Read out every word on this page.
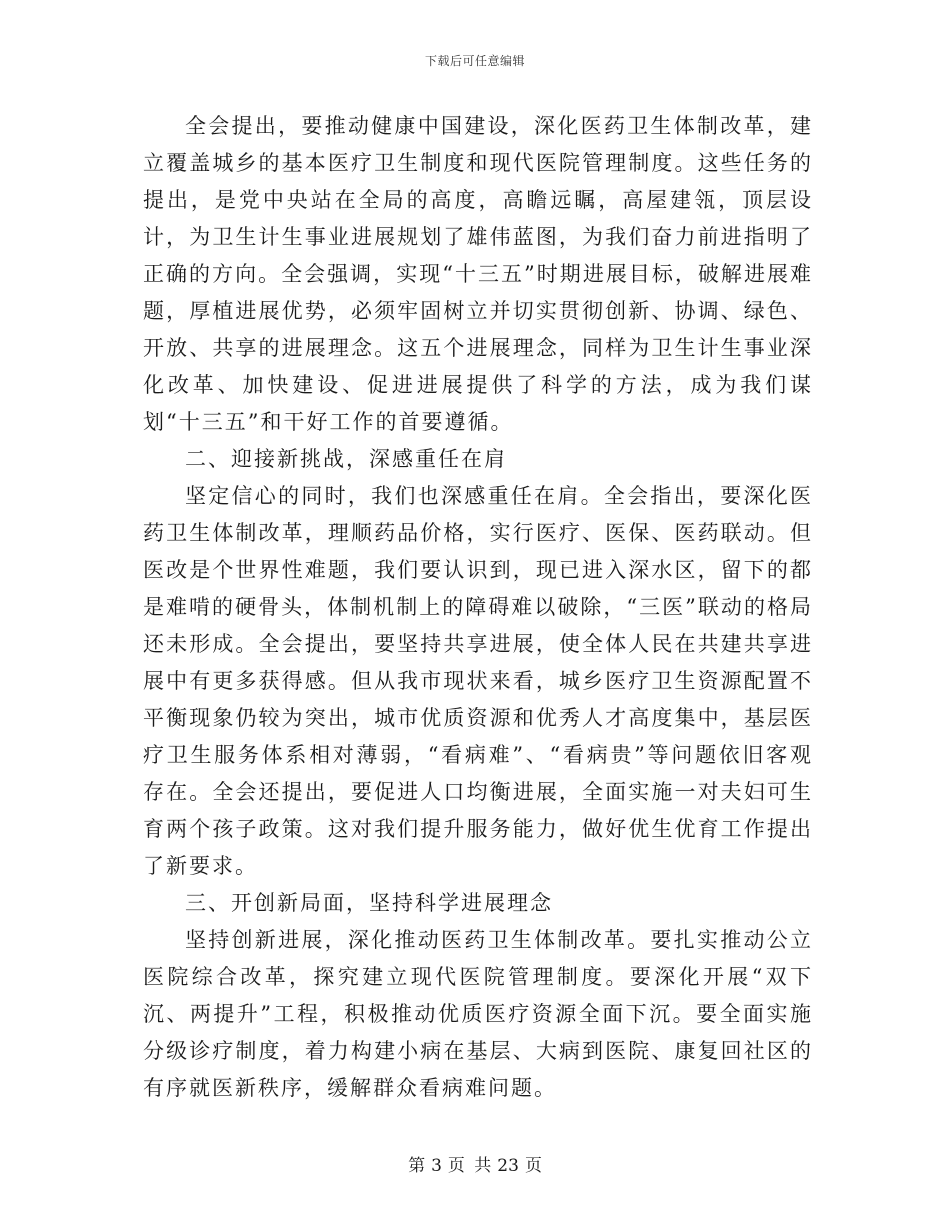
下载后可任意编辑

全会提出，要推动健康中国建设，深化医药卫生体制改革，建立覆盖城乡的基本医疗卫生制度和现代医院管理制度。这些任务的提出，是党中央站在全局的高度，高瞻远瞩，高屋建瓴，顶层设计，为卫生计生事业进展规划了雄伟蓝图，为我们奋力前进指明了正确的方向。全会强调，实现“十三五”时期进展目标，破解进展难题，厚植进展优势，必须牢固树立并切实贯彻创新、协调、绿色、开放、共享的进展理念。这五个进展理念，同样为卫生计生事业深化改革、加快建设、促进进展提供了科学的方法，成为我们谋划“十三五”和干好工作的首要遵循。

二、迎接新挑战，深感重任在肩

坚定信心的同时，我们也深感重任在肩。全会指出，要深化医药卫生体制改革，理顺药品价格，实行医疗、医保、医药联动。但医改是个世界性难题，我们要认识到，现已进入深水区，留下的都是难啃的硬骨头，体制机制上的障碍难以破除，“三医”联动的格局还未形成。全会提出，要坚持共享进展，使全体人民在共建共享进展中有更多获得感。但从我市现状来看，城乡医疗卫生资源配置不平衡现象仍较为突出，城市优质资源和优秀人才高度集中，基层医疗卫生服务体系相对薄弱，“看病难”、“看病贵”等问题依旧客观存在。全会还提出，要促进人口均衡进展，全面实施一对夫妇可生育两个孩子政策。这对我们提升服务能力，做好优生优育工作提出了新要求。

三、开创新局面，坚持科学进展理念

坚持创新进展，深化推动医药卫生体制改革。要扎实推动公立医院综合改革，探究建立现代医院管理制度。要深化开展“双下沉、两提升”工程，积极推动优质医疗资源全面下沉。要全面实施分级诊疗制度，着力构建小病在基层、大病到医院、康复回社区的有序就医新秩序，缓解群众看病难问题。

第 3 页 共 23 页
